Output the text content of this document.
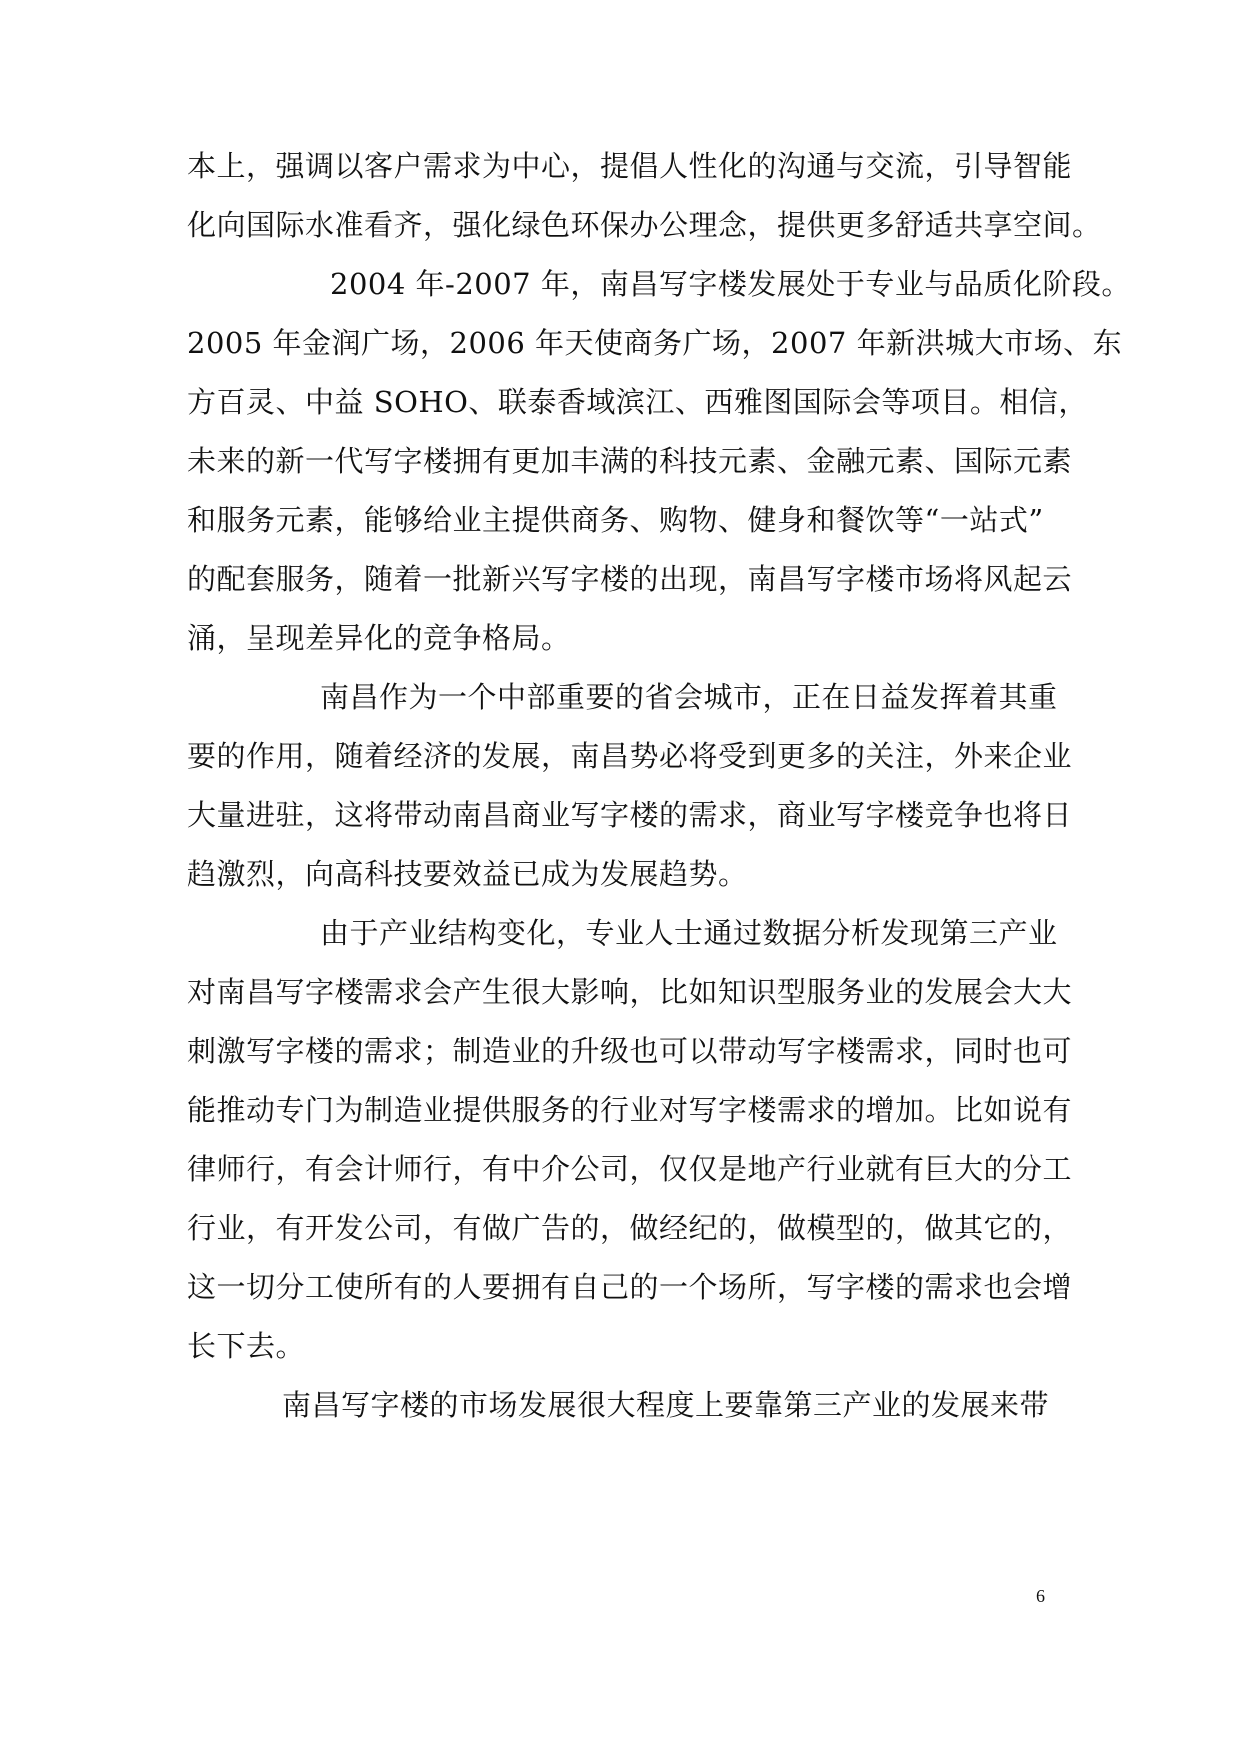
本上，强调以客户需求为中心，提倡人性化的沟通与交流，引导智能
化向国际水准看齐，强化绿色环保办公理念，提供更多舒适共享空间。
2004 年-2007 年，南昌写字楼发展处于专业与品质化阶段。
2005 年金润广场，2006 年天使商务广场，2007 年新洪城大市场、东
方百灵、中益 SOHO、联泰香域滨江、西雅图国际会等项目。相信，
未来的新一代写字楼拥有更加丰满的科技元素、金融元素、国际元素
和服务元素，能够给业主提供商务、购物、健身和餐饮等“一站式”
的配套服务，随着一批新兴写字楼的出现，南昌写字楼市场将风起云
涌，呈现差异化的竞争格局。
南昌作为一个中部重要的省会城市，正在日益发挥着其重
要的作用，随着经济的发展，南昌势必将受到更多的关注，外来企业
大量进驻，这将带动南昌商业写字楼的需求，商业写字楼竞争也将日
趋激烈，向高科技要效益已成为发展趋势。
由于产业结构变化，专业人士通过数据分析发现第三产业
对南昌写字楼需求会产生很大影响，比如知识型服务业的发展会大大
刺激写字楼的需求；制造业的升级也可以带动写字楼需求，同时也可
能推动专门为制造业提供服务的行业对写字楼需求的增加。比如说有
律师行，有会计师行，有中介公司，仅仅是地产行业就有巨大的分工
行业，有开发公司，有做广告的，做经纪的，做模型的，做其它的，
这一切分工使所有的人要拥有自己的一个场所，写字楼的需求也会增
长下去。
南昌写字楼的市场发展很大程度上要靠第三产业的发展来带
6
